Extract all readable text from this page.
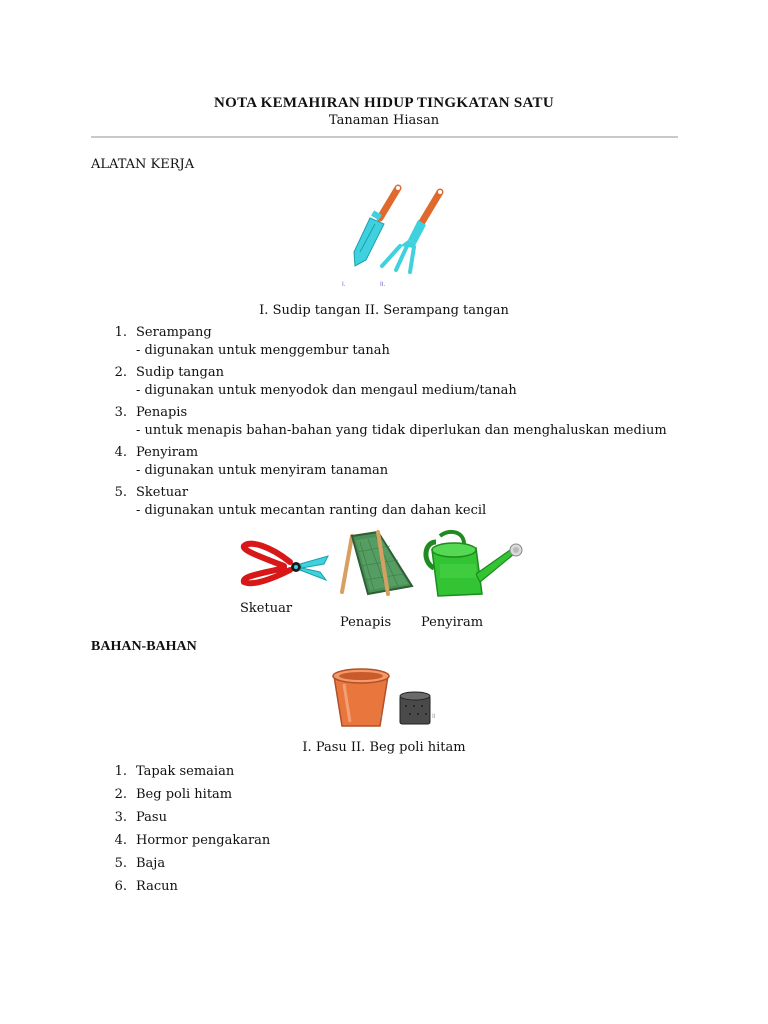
NOTA KEMAHIRAN HIDUP TINGKATAN SATU
Tanaman Hiasan
ALATAN KERJA
I.	II.
I. Sudip tangan II. Serampang tangan
1. Serampang
- digunakan untuk menggembur tanah
2. Sudip tangan
- digunakan untuk menyodok dan mengaul medium/tanah
3. Penapis
- untuk menapis bahan-bahan yang tidak diperlukan dan menghaluskan medium
4. Penyiram
- digunakan untuk menyiram tanaman
5. Sketuar
- digunakan untuk mecantan ranting dan dahan kecil
Sketuar
Penapis Penyiram
BAHAN-BAHAN
I	II
I. Pasu II. Beg poli hitam
1. Tapak semaian
2. Beg poli hitam
3. Pasu
4. Hormor pengakaran
5. Baja
6. Racun
